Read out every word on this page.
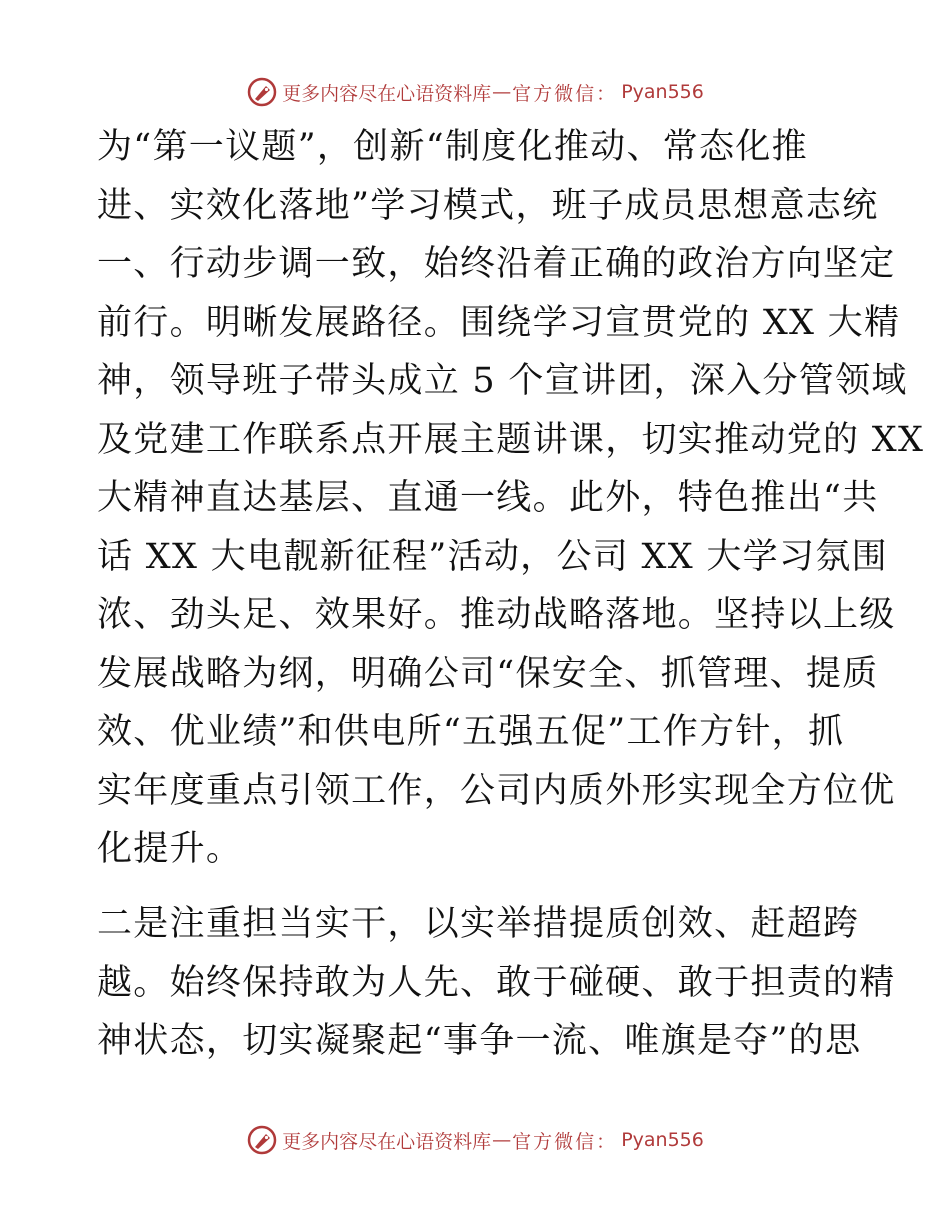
更多内容尽在心语资料库 — 官方微信： Pyan556
为“第一议题”，创新“制度化推动、常态化推
进、实效化落地”学习模式，班子成员思想意志统
一、行动步调一致，始终沿着正确的政治方向坚定
前行。明晰发展路径。围绕学习宣贯党的 XX 大精
神，领导班子带头成立 5 个宣讲团，深入分管领域
及党建工作联系点开展主题讲课，切实推动党的 XX
大精神直达基层、直通一线。此外，特色推出“共
话 XX 大电靓新征程”活动，公司 XX 大学习氛围
浓、劲头足、效果好。推动战略落地。坚持以上级
发展战略为纲，明确公司“保安全、抓管理、提质
效、优业绩”和供电所“五强五促”工作方针，抓
实年度重点引领工作，公司内质外形实现全方位优
化提升。
二是注重担当实干，以实举措提质创效、赶超跨
越。始终保持敢为人先、敢于碰硬、敢于担责的精
神状态，切实凝聚起“事争一流、唯旗是夺”的思
更多内容尽在心语资料库 — 官方微信： Pyan556
